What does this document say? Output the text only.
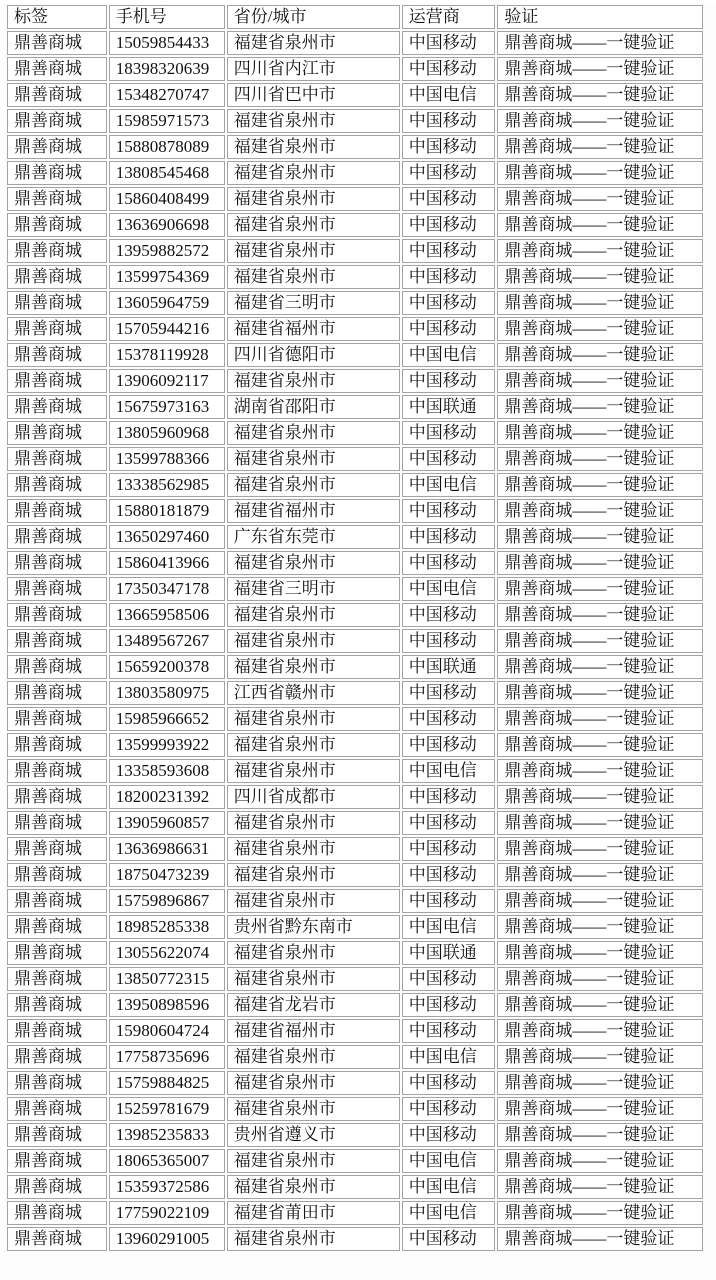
标签	手机号	省份/城市	运营商	验证
鼎善商城	15059854433	福建省泉州市	中国移动	鼎善商城——一键验证
鼎善商城	18398320639	四川省内江市	中国移动	鼎善商城——一键验证
鼎善商城	15348270747	四川省巴中市	中国电信	鼎善商城——一键验证
鼎善商城	15985971573	福建省泉州市	中国移动	鼎善商城——一键验证
鼎善商城	15880878089	福建省泉州市	中国移动	鼎善商城——一键验证
鼎善商城	13808545468	福建省泉州市	中国移动	鼎善商城——一键验证
鼎善商城	15860408499	福建省泉州市	中国移动	鼎善商城——一键验证
鼎善商城	13636906698	福建省泉州市	中国移动	鼎善商城——一键验证
鼎善商城	13959882572	福建省泉州市	中国移动	鼎善商城——一键验证
鼎善商城	13599754369	福建省泉州市	中国移动	鼎善商城——一键验证
鼎善商城	13605964759	福建省三明市	中国移动	鼎善商城——一键验证
鼎善商城	15705944216	福建省福州市	中国移动	鼎善商城——一键验证
鼎善商城	15378119928	四川省德阳市	中国电信	鼎善商城——一键验证
鼎善商城	13906092117	福建省泉州市	中国移动	鼎善商城——一键验证
鼎善商城	15675973163	湖南省邵阳市	中国联通	鼎善商城——一键验证
鼎善商城	13805960968	福建省泉州市	中国移动	鼎善商城——一键验证
鼎善商城	13599788366	福建省泉州市	中国移动	鼎善商城——一键验证
鼎善商城	13338562985	福建省泉州市	中国电信	鼎善商城——一键验证
鼎善商城	15880181879	福建省福州市	中国移动	鼎善商城——一键验证
鼎善商城	13650297460	广东省东莞市	中国移动	鼎善商城——一键验证
鼎善商城	15860413966	福建省泉州市	中国移动	鼎善商城——一键验证
鼎善商城	17350347178	福建省三明市	中国电信	鼎善商城——一键验证
鼎善商城	13665958506	福建省泉州市	中国移动	鼎善商城——一键验证
鼎善商城	13489567267	福建省泉州市	中国移动	鼎善商城——一键验证
鼎善商城	15659200378	福建省泉州市	中国联通	鼎善商城——一键验证
鼎善商城	13803580975	江西省赣州市	中国移动	鼎善商城——一键验证
鼎善商城	15985966652	福建省泉州市	中国移动	鼎善商城——一键验证
鼎善商城	13599993922	福建省泉州市	中国移动	鼎善商城——一键验证
鼎善商城	13358593608	福建省泉州市	中国电信	鼎善商城——一键验证
鼎善商城	18200231392	四川省成都市	中国移动	鼎善商城——一键验证
鼎善商城	13905960857	福建省泉州市	中国移动	鼎善商城——一键验证
鼎善商城	13636986631	福建省泉州市	中国移动	鼎善商城——一键验证
鼎善商城	18750473239	福建省泉州市	中国移动	鼎善商城——一键验证
鼎善商城	15759896867	福建省泉州市	中国移动	鼎善商城——一键验证
鼎善商城	18985285338	贵州省黔东南市	中国电信	鼎善商城——一键验证
鼎善商城	13055622074	福建省泉州市	中国联通	鼎善商城——一键验证
鼎善商城	13850772315	福建省泉州市	中国移动	鼎善商城——一键验证
鼎善商城	13950898596	福建省龙岩市	中国移动	鼎善商城——一键验证
鼎善商城	15980604724	福建省福州市	中国移动	鼎善商城——一键验证
鼎善商城	17758735696	福建省泉州市	中国电信	鼎善商城——一键验证
鼎善商城	15759884825	福建省泉州市	中国移动	鼎善商城——一键验证
鼎善商城	15259781679	福建省泉州市	中国移动	鼎善商城——一键验证
鼎善商城	13985235833	贵州省遵义市	中国移动	鼎善商城——一键验证
鼎善商城	18065365007	福建省泉州市	中国电信	鼎善商城——一键验证
鼎善商城	15359372586	福建省泉州市	中国电信	鼎善商城——一键验证
鼎善商城	17759022109	福建省莆田市	中国电信	鼎善商城——一键验证
鼎善商城	13960291005	福建省泉州市	中国移动	鼎善商城——一键验证
